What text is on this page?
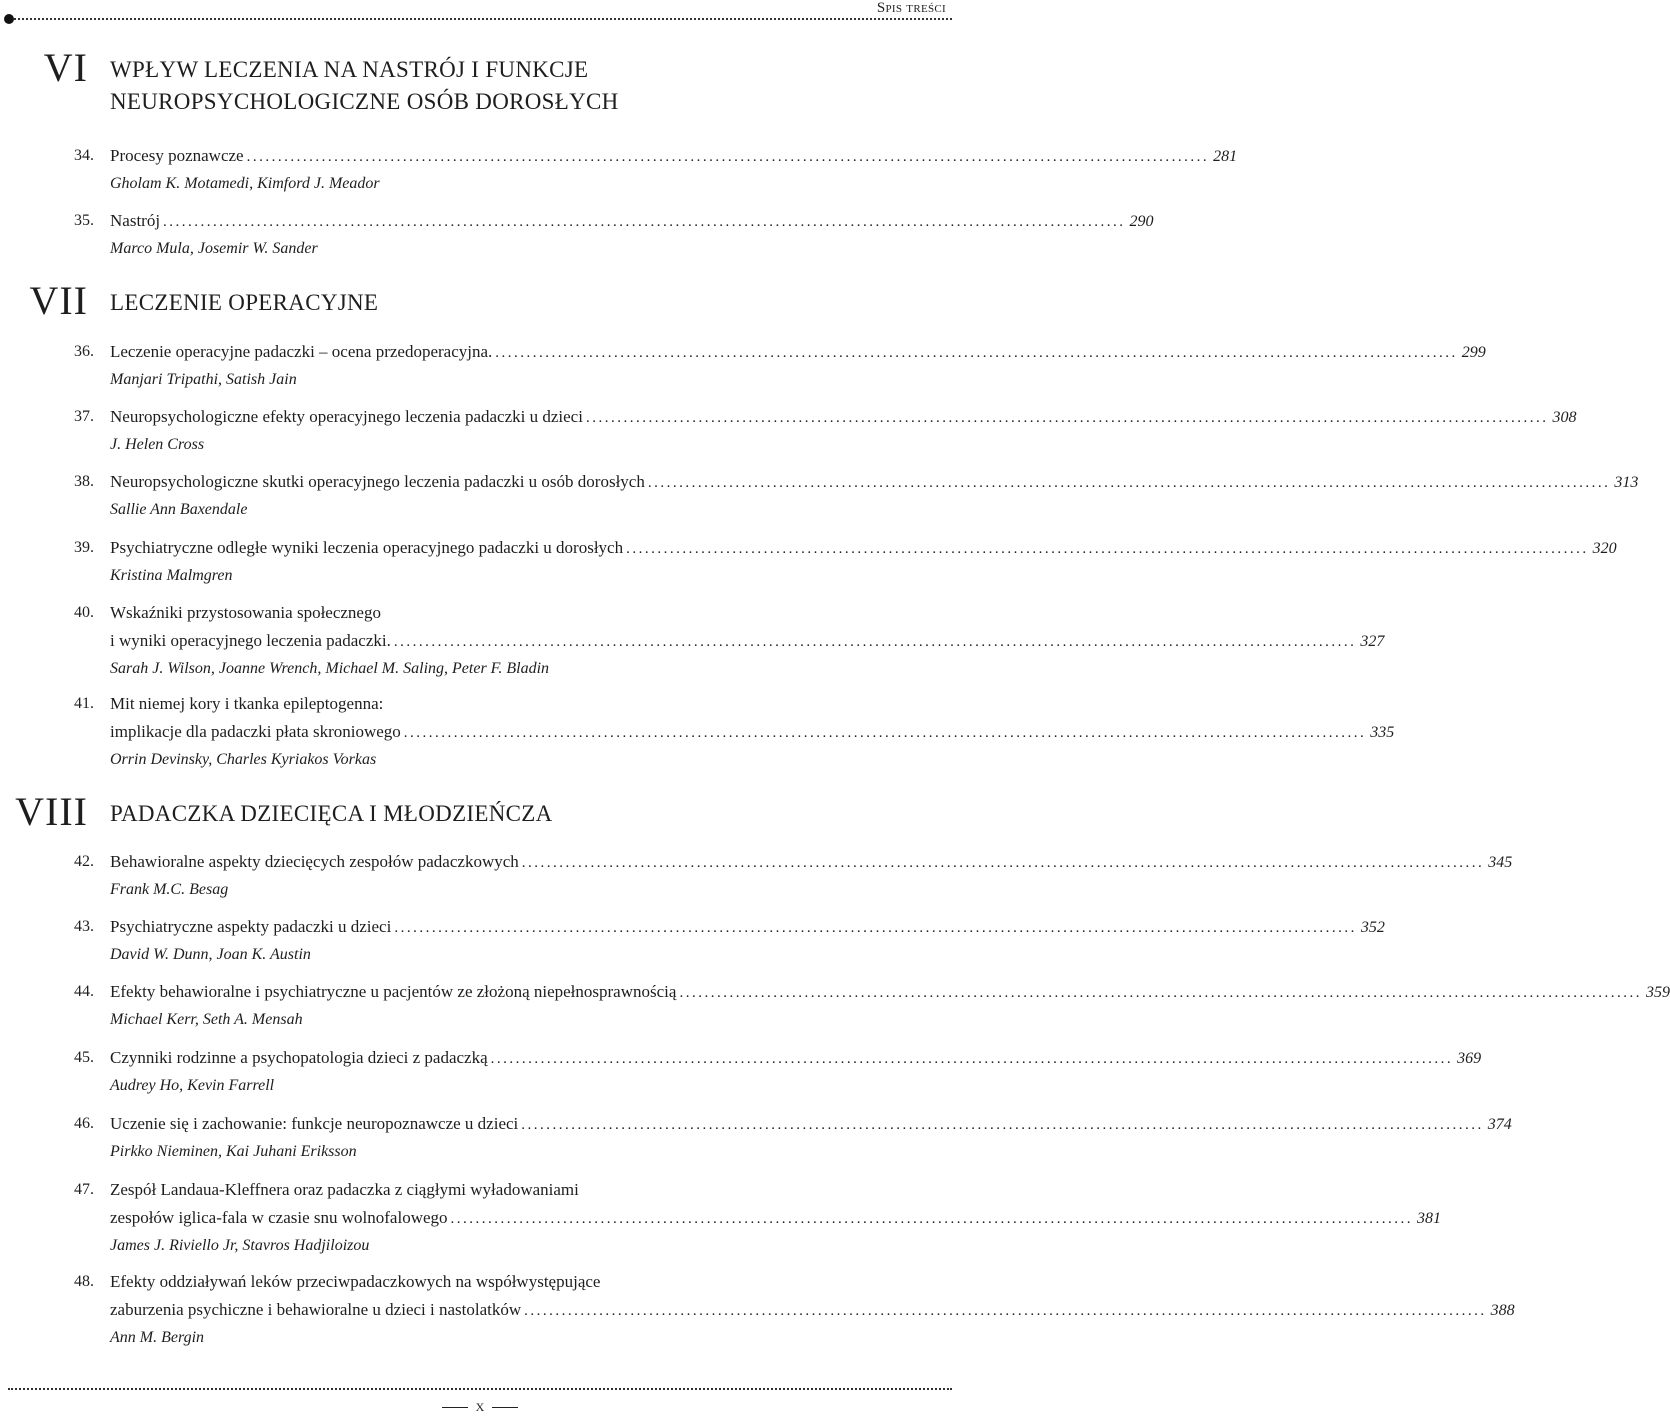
Spis treści
VI WPŁYW LECZENIA NA NASTRÓJ I FUNKCJE
NEUROPSYCHOLOGICZNE OSÓB DOROSŁYCH
VII LECZENIE OPERACYJNE
VIII PADACZKA DZIECIĘCA I MŁODZIEŃCZA
34. Procesy poznawcze .......................................................................................................................................................... 281
Gholam K. Motamedi, Kimford J. Meador
35. Nastrój .......................................................................................................................................................... 290
Marco Mula, Josemir W. Sander
36. Leczenie operacyjne padaczki – ocena przedoperacyjna. .......................................................................................................................................................... 299
Manjari Tripathi, Satish Jain
37. Neuropsychologiczne efekty operacyjnego leczenia padaczki u dzieci .......................................................................................................................................................... 308
J. Helen Cross
38. Neuropsychologiczne skutki operacyjnego leczenia padaczki u osób dorosłych .......................................................................................................................................................... 313
Sallie Ann Baxendale
39. Psychiatryczne odległe wyniki leczenia operacyjnego padaczki u dorosłych .......................................................................................................................................................... 320
Kristina Malmgren
40. Wskaźniki przystosowania społecznego
i wyniki operacyjnego leczenia padaczki. .......................................................................................................................................................... 327
Sarah J. Wilson, Joanne Wrench, Michael M. Saling, Peter F. Bladin
41. Mit niemej kory i tkanka epileptogenna:
implikacje dla padaczki płata skroniowego .......................................................................................................................................................... 335
Orrin Devinsky, Charles Kyriakos Vorkas
42. Behawioralne aspekty dziecięcych zespołów padaczkowych .......................................................................................................................................................... 345
Frank M.C. Besag
43. Psychiatryczne aspekty padaczki u dzieci .......................................................................................................................................................... 352
David W. Dunn, Joan K. Austin
44. Efekty behawioralne i psychiatryczne u pacjentów ze złożoną niepełnosprawnością .......................................................................................................................................................... 359
Michael Kerr, Seth A. Mensah
45. Czynniki rodzinne a psychopatologia dzieci z padaczką .......................................................................................................................................................... 369
Audrey Ho, Kevin Farrell
46. Uczenie się i zachowanie: funkcje neuropoznawcze u dzieci .......................................................................................................................................................... 374
Pirkko Nieminen, Kai Juhani Eriksson
47. Zespół Landaua-Kleffnera oraz padaczka z ciągłymi wyładowaniami
zespołów iglica-fala w czasie snu wolnofalowego .......................................................................................................................................................... 381
James J. Riviello Jr, Stavros Hadjiloizou
48. Efekty oddziaływań leków przeciwpadaczkowych na współwystępujące
zaburzenia psychiczne i behawioralne u dzieci i nastolatków .......................................................................................................................................................... 388
Ann M. Bergin
x
